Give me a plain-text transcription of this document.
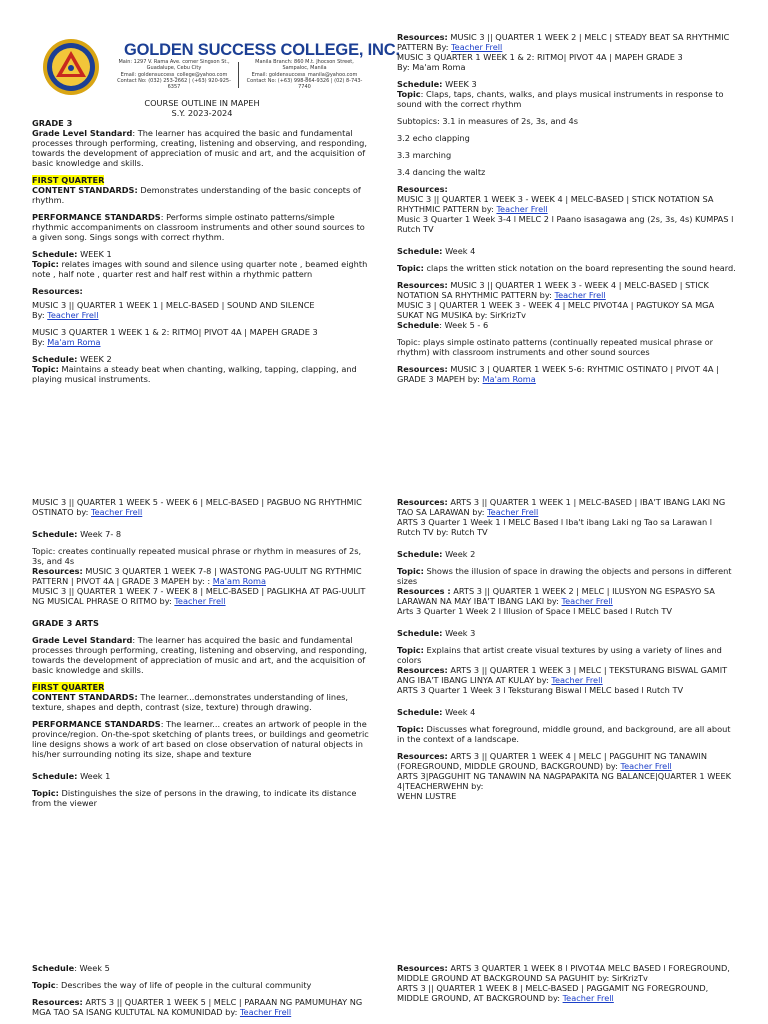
GOLDEN SUCCESS COLLEGE, INC.
Main: 1297 V. Rama Ave. corner Singson St.,
Guadalupe, Cebu City
Email: goldensuccess_college@yahoo.com
Contact No: (032) 253-2662 | (+63) 920-925-6357
Manila Branch: 860 M.t. Jhocson Street,
Sampaloc, Manila
Email: goldensuccess_manila@yahoo.com
Contact No: (+63) 998-864-9326 | (02) 8-743-7740

COURSE OUTLINE IN MAPEH

S.Y. 2023-2024

GRADE 3

Grade Level Standard: The learner has acquired the basic and fundamental processes through performing, creating, listening and observing, and responding, towards the development of appreciation of music and art, and the acquisition of basic knowledge and skills.

FIRST QUARTER

CONTENT STANDARDS: Demonstrates understanding of the basic concepts of rhythm.

PERFORMANCE STANDARDS: Performs simple ostinato patterns/simple rhythmic accompaniments on classroom instruments and other sound sources to a given song. Sings songs with correct rhythm.

Schedule: WEEK 1

Topic: relates images with sound and silence using quarter note , beamed eighth note , half note , quarter rest and half rest within a rhythmic pattern

Resources:

MUSIC 3 || QUARTER 1 WEEK 1 | MELC-BASED | SOUND AND SILENCE

By: Teacher Frell

MUSIC 3 QUARTER 1 WEEK 1 & 2: RITMO| PIVOT 4A | MAPEH GRADE 3

By: Ma'am Roma

Schedule: WEEK 2

Topic: Maintains a steady beat when chanting, walking, tapping, clapping, and playing musical instruments.

Resources: MUSIC 3 || QUARTER 1 WEEK 2 | MELC | STEADY BEAT SA RHYTHMIC PATTERN By: Teacher Frell

MUSIC 3 QUARTER 1 WEEK 1 & 2: RITMO| PIVOT 4A | MAPEH GRADE 3

By: Ma'am Roma

Schedule: WEEK 3

Topic: Claps, taps, chants, walks, and plays musical instruments in response to sound with the correct rhythm

Subtopics: 3.1 in measures of 2s, 3s, and 4s

3.2 echo clapping

3.3 marching

3.4 dancing the waltz

Resources:

MUSIC 3 || QUARTER 1 WEEK 3 - WEEK 4 | MELC-BASED | STICK NOTATION SA RHYTHMIC PATTERN by: Teacher Frell

Music 3 Quarter 1 Week 3-4 l MELC 2 l Paano isasagawa ang (2s, 3s, 4s) KUMPAS l Rutch TV

Schedule: Week 4

Topic: claps the written stick notation on the board representing the sound heard.

Resources: MUSIC 3 || QUARTER 1 WEEK 3 - WEEK 4 | MELC-BASED | STICK NOTATION SA RHYTHMIC PATTERN by: Teacher Frell

MUSIC 3 | QUARTER 1 WEEK 3 - WEEK 4 | MELC PIVOT4A | PAGTUKOY SA MGA SUKAT NG MUSIKA by: SirKrizTv

Schedule: Week 5 - 6

Topic: plays simple ostinato patterns (continually repeated musical phrase or rhythm) with classroom instruments and other sound sources

Resources: MUSIC 3 | QUARTER 1 WEEK 5-6: RYHTMIC OSTINATO | PIVOT 4A | GRADE 3 MAPEH by: Ma'am Roma

MUSIC 3 || QUARTER 1 WEEK 5 - WEEK 6 | MELC-BASED | PAGBUO NG RHYTHMIC OSTINATO by: Teacher Frell

Schedule: Week 7- 8

Topic: creates continually repeated musical phrase or rhythm in measures of 2s, 3s, and 4s

Resources: MUSIC 3 QUARTER 1 WEEK 7-8 | WASTONG PAG-UULIT NG RYTHMIC PATTERN | PIVOT 4A | GRADE 3 MAPEH by: : Ma'am Roma

MUSIC 3 || QUARTER 1 WEEK 7 - WEEK 8 | MELC-BASED | PAGLIKHA AT PAG-UULIT NG MUSICAL PHRASE O RITMO by: Teacher Frell

GRADE 3 ARTS

Grade Level Standard: The learner has acquired the basic and fundamental processes through performing, creating, listening and observing, and responding, towards the development of appreciation of music and art, and the acquisition of basic knowledge and skills.

FIRST QUARTER

CONTENT STANDARDS: The learner...demonstrates understanding of lines, texture, shapes and depth, contrast (size, texture) through drawing.

PERFORMANCE STANDARDS: The learner... creates an artwork of people in the province/region. On-the-spot sketching of plants trees, or buildings and geometric line designs shows a work of art based on close observation of natural objects in his/her surrounding noting its size, shape and texture

Schedule: Week 1

Topic: Distinguishes the size of persons in the drawing, to indicate its distance from the viewer

Resources: ARTS 3 || QUARTER 1 WEEK 1 | MELC-BASED | IBA'T IBANG LAKI NG TAO SA LARAWAN by: Teacher Frell

ARTS 3 Quarter 1 Week 1 l MELC Based l Iba't ibang Laki ng Tao sa Larawan l Rutch TV by: Rutch TV

Schedule: Week 2

Topic: Shows the illusion of space in drawing the objects and persons in different sizes

Resources : ARTS 3 || QUARTER 1 WEEK 2 | MELC | ILUSYON NG ESPASYO SA LARAWAN NA MAY IBA'T IBANG LAKI by: Teacher Frell

Arts 3 Quarter 1 Week 2 l Illusion of Space l MELC based l Rutch TV

Schedule: Week 3

Topic: Explains that artist create visual textures by using a variety of lines and colors

Resources: ARTS 3 || QUARTER 1 WEEK 3 | MELC | TEKSTURANG BISWAL GAMIT ANG IBA'T IBANG LINYA AT KULAY by: Teacher Frell

ARTS 3 Quarter 1 Week 3 l Teksturang Biswal l MELC based l Rutch TV

Schedule: Week 4

Topic: Discusses what foreground, middle ground, and background, are all about in the context of a landscape.

Resources: ARTS 3 || QUARTER 1 WEEK 4 | MELC | PAGGUHIT NG TANAWIN (FOREGROUND, MIDDLE GROUND, BACKGROUND) by: Teacher Frell

ARTS 3|PAGGUHIT NG TANAWIN NA NAGPAPAKITA NG BALANCE|QUARTER 1 WEEK 4|TEACHERWEHN by:

WEHN LUSTRE

Schedule: Week 5

Topic: Describes the way of life of people in the cultural community

Resources: ARTS 3 || QUARTER 1 WEEK 5 | MELC | PARAAN NG PAMUMUHAY NG MGA TAO SA ISANG KULTUTAL NA KOMUNIDAD by: Teacher Frell

Resources: ARTS 3 QUARTER 1 WEEK 8 l PIVOT4A MELC BASED l FOREGROUND, MIDDLE GROUND AT BACKGROUND SA PAGUHIT by: SirKrizTv

ARTS 3 || QUARTER 1 WEEK 8 | MELC-BASED | PAGGAMIT NG FOREGROUND, MIDDLE GROUND, AT BACKGROUND by: Teacher Frell
